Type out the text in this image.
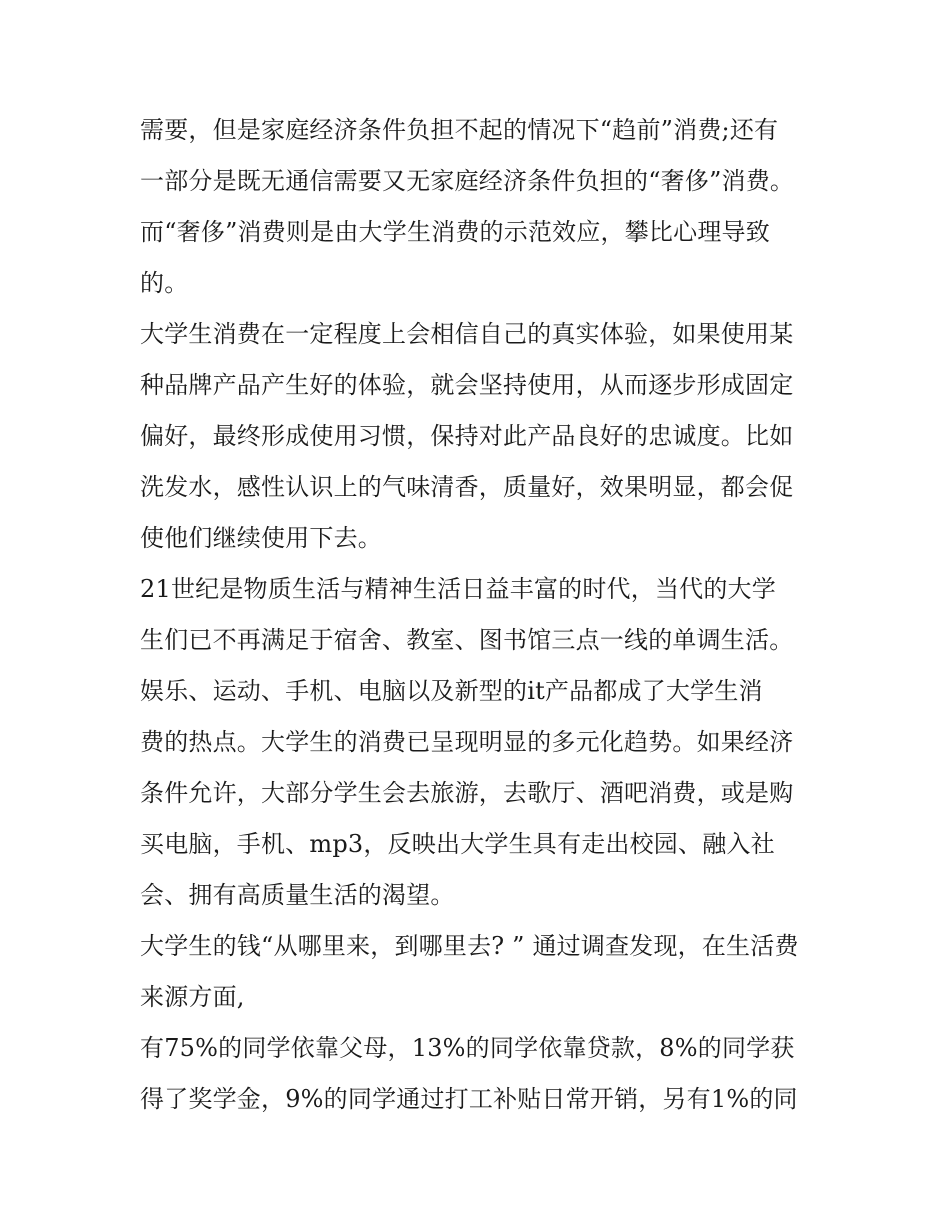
需要，但是家庭经济条件负担不起的情况下“趋前”消费;还有
一部分是既无通信需要又无家庭经济条件负担的“奢侈”消费。
而“奢侈”消费则是由大学生消费的示范效应，攀比心理导致
的。
大学生消费在一定程度上会相信自己的真实体验，如果使用某
种品牌产品产生好的体验，就会坚持使用，从而逐步形成固定
偏好，最终形成使用习惯，保持对此产品良好的忠诚度。比如
洗发水，感性认识上的气味清香，质量好，效果明显，都会促
使他们继续使用下去。
21世纪是物质生活与精神生活日益丰富的时代，当代的大学
生们已不再满足于宿舍、教室、图书馆三点一线的单调生活。
娱乐、运动、手机、电脑以及新型的it产品都成了大学生消
费的热点。大学生的消费已呈现明显的多元化趋势。如果经济
条件允许，大部分学生会去旅游，去歌厅、酒吧消费，或是购
买电脑，手机、mp3，反映出大学生具有走出校园、融入社
会、拥有高质量生活的渴望。
大学生的钱“从哪里来，到哪里去? ” 通过调查发现，在生活费
来源方面,
有75%的同学依靠父母，13%的同学依靠贷款，8%的同学获
得了奖学金，9%的同学通过打工补贴日常开销，另有1%的同
